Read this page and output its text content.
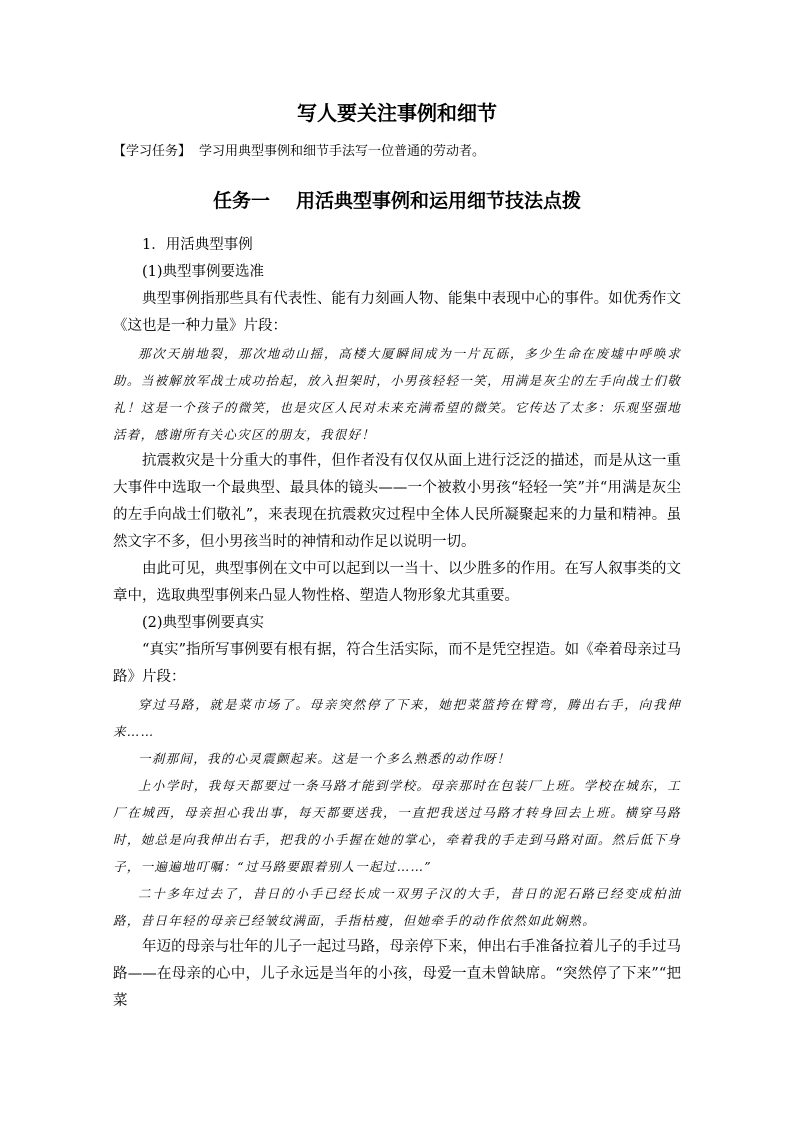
写人要关注事例和细节

【学习任务】 学习用典型事例和细节手法写一位普通的劳动者。

任务一 用活典型事例和运用细节技法点拨

1．用活典型事例

(1)典型事例要选准

典型事例指那些具有代表性、能有力刻画人物、能集中表现中心的事件。如优秀作文《这也是一种力量》片段：

那次天崩地裂，那次地动山摇，高楼大厦瞬间成为一片瓦砾，多少生命在废墟中呼唤求助。当被解放军战士成功抬起，放入担架时，小男孩轻轻一笑，用满是灰尘的左手向战士们敬礼！这是一个孩子的微笑，也是灾区人民对未来充满希望的微笑。它传达了太多：乐观坚强地活着，感谢所有关心灾区的朋友，我很好！

抗震救灾是十分重大的事件，但作者没有仅仅从面上进行泛泛的描述，而是从这一重大事件中选取一个最典型、最具体的镜头——一个被救小男孩“轻轻一笑”并“用满是灰尘的左手向战士们敬礼”，来表现在抗震救灾过程中全体人民所凝聚起来的力量和精神。虽然文字不多，但小男孩当时的神情和动作足以说明一切。

由此可见，典型事例在文中可以起到以一当十、以少胜多的作用。在写人叙事类的文章中，选取典型事例来凸显人物性格、塑造人物形象尤其重要。

(2)典型事例要真实

“真实”指所写事例要有根有据，符合生活实际，而不是凭空捏造。如《牵着母亲过马路》片段：

穿过马路，就是菜市场了。母亲突然停了下来，她把菜篮挎在臂弯，腾出右手，向我伸来……

一刹那间，我的心灵震颤起来。这是一个多么熟悉的动作呀！

上小学时，我每天都要过一条马路才能到学校。母亲那时在包装厂上班。学校在城东，工厂在城西，母亲担心我出事，每天都要送我，一直把我送过马路才转身回去上班。横穿马路时，她总是向我伸出右手，把我的小手握在她的掌心，牵着我的手走到马路对面。然后低下身子，一遍遍地叮嘱：“过马路要跟着别人一起过……”

二十多年过去了，昔日的小手已经长成一双男子汉的大手，昔日的泥石路已经变成柏油路，昔日年轻的母亲已经皱纹满面，手指枯瘦，但她牵手的动作依然如此娴熟。

年迈的母亲与壮年的儿子一起过马路，母亲停下来，伸出右手准备拉着儿子的手过马路——在母亲的心中，儿子永远是当年的小孩，母爱一直未曾缺席。“突然停了下来”“把菜
